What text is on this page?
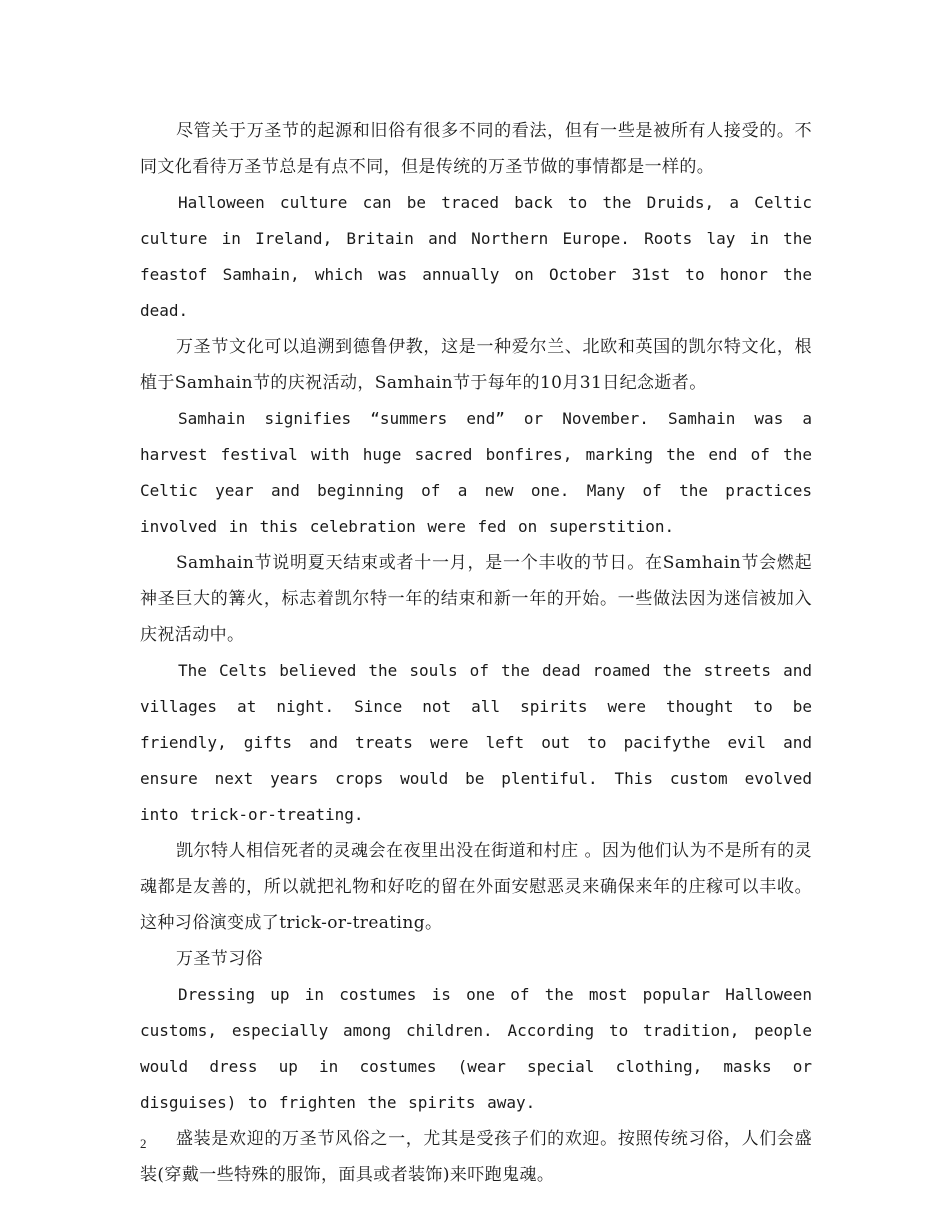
尽管关于万圣节的起源和旧俗有很多不同的看法，但有一些是被所有人接受的。不同文化看待万圣节总是有点不同，但是传统的万圣节做的事情都是一样的。

Halloween culture can be traced back to the Druids, a Celtic culture in Ireland, Britain and Northern Europe. Roots lay in the feastof Samhain, which was annually on October 31st to honor the dead.

万圣节文化可以追溯到德鲁伊教，这是一种爱尔兰、北欧和英国的凯尔特文化，根植于Samhain节的庆祝活动，Samhain节于每年的10月31日纪念逝者。

Samhain signifies “summers end” or November. Samhain was a harvest festival with huge sacred bonfires, marking the end of the Celtic year and beginning of a new one. Many of the practices involved in this celebration were fed on superstition.

Samhain节说明夏天结束或者十一月，是一个丰收的节日。在Samhain节会燃起神圣巨大的篝火，标志着凯尔特一年的结束和新一年的开始。一些做法因为迷信被加入庆祝活动中。

The Celts believed the souls of the dead roamed the streets and villages at night. Since not all spirits were thought to be friendly, gifts and treats were left out to pacifythe evil and ensure next years crops would be plentiful. This custom evolved into trick-or-treating.

凯尔特人相信死者的灵魂会在夜里出没在街道和村庄 。因为他们认为不是所有的灵魂都是友善的，所以就把礼物和好吃的留在外面安慰恶灵来确保来年的庄稼可以丰收。这种习俗演变成了trick-or-treating。

万圣节习俗

Dressing up in costumes is one of the most popular Halloween customs, especially among children. According to tradition, people would dress up in costumes (wear special clothing, masks or disguises) to frighten the spirits away.

盛装是欢迎的万圣节风俗之一，尤其是受孩子们的欢迎。按照传统习俗，人们会盛装(穿戴一些特殊的服饰，面具或者装饰)来吓跑鬼魂。

2
